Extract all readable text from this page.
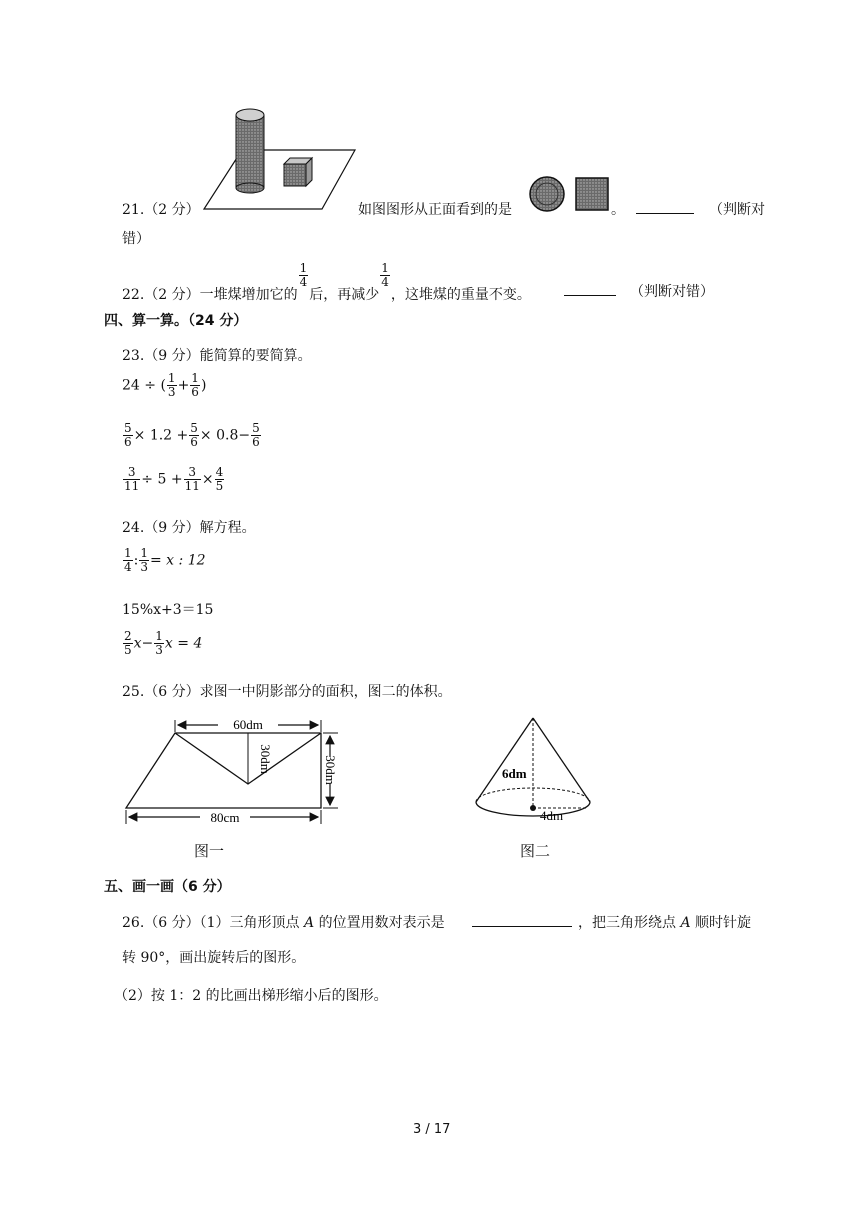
21.（2 分）	如图图形从正面看到的是	。	（判断对
错）
22.（2 分）一堆煤增加它的
$\frac{1}{4}$
后，再减少
$\frac{1}{4}$
，这堆煤的重量不变。	（判断对错）
四、算一算。（24 分）
23.（9 分）能简算的要简算。
24 ÷ ( $\frac{1}{3} + \frac{1}{6}$ )
$\frac{5}{6} \times 1.2 + \frac{5}{6} \times 0.8- \frac{5}{6}$
$\frac{3}{11} \div 5 + \frac{3}{11} \times \frac{4}{5}$
24.（9 分）解方程。
$\frac{1}{4}$ : $\frac{1}{3} = x$ : 12
15%x+3＝15
$\frac{2}{5} x- \frac{1}{3}$ x = 4
25.（6 分）求图一中阴影部分的面积，图二的体积。
60dm
30dm	30dm
80cm
图一
6dm
4dm
图二
五、画一画（6 分）
26.（6 分）（1）三角形顶点 A 的位置用数对表示是	，把三角形绕点 A 顺时针旋
转 90°，画出旋转后的图形。
（2）按 1：2 的比画出梯形缩小后的图形。
3 / 17
